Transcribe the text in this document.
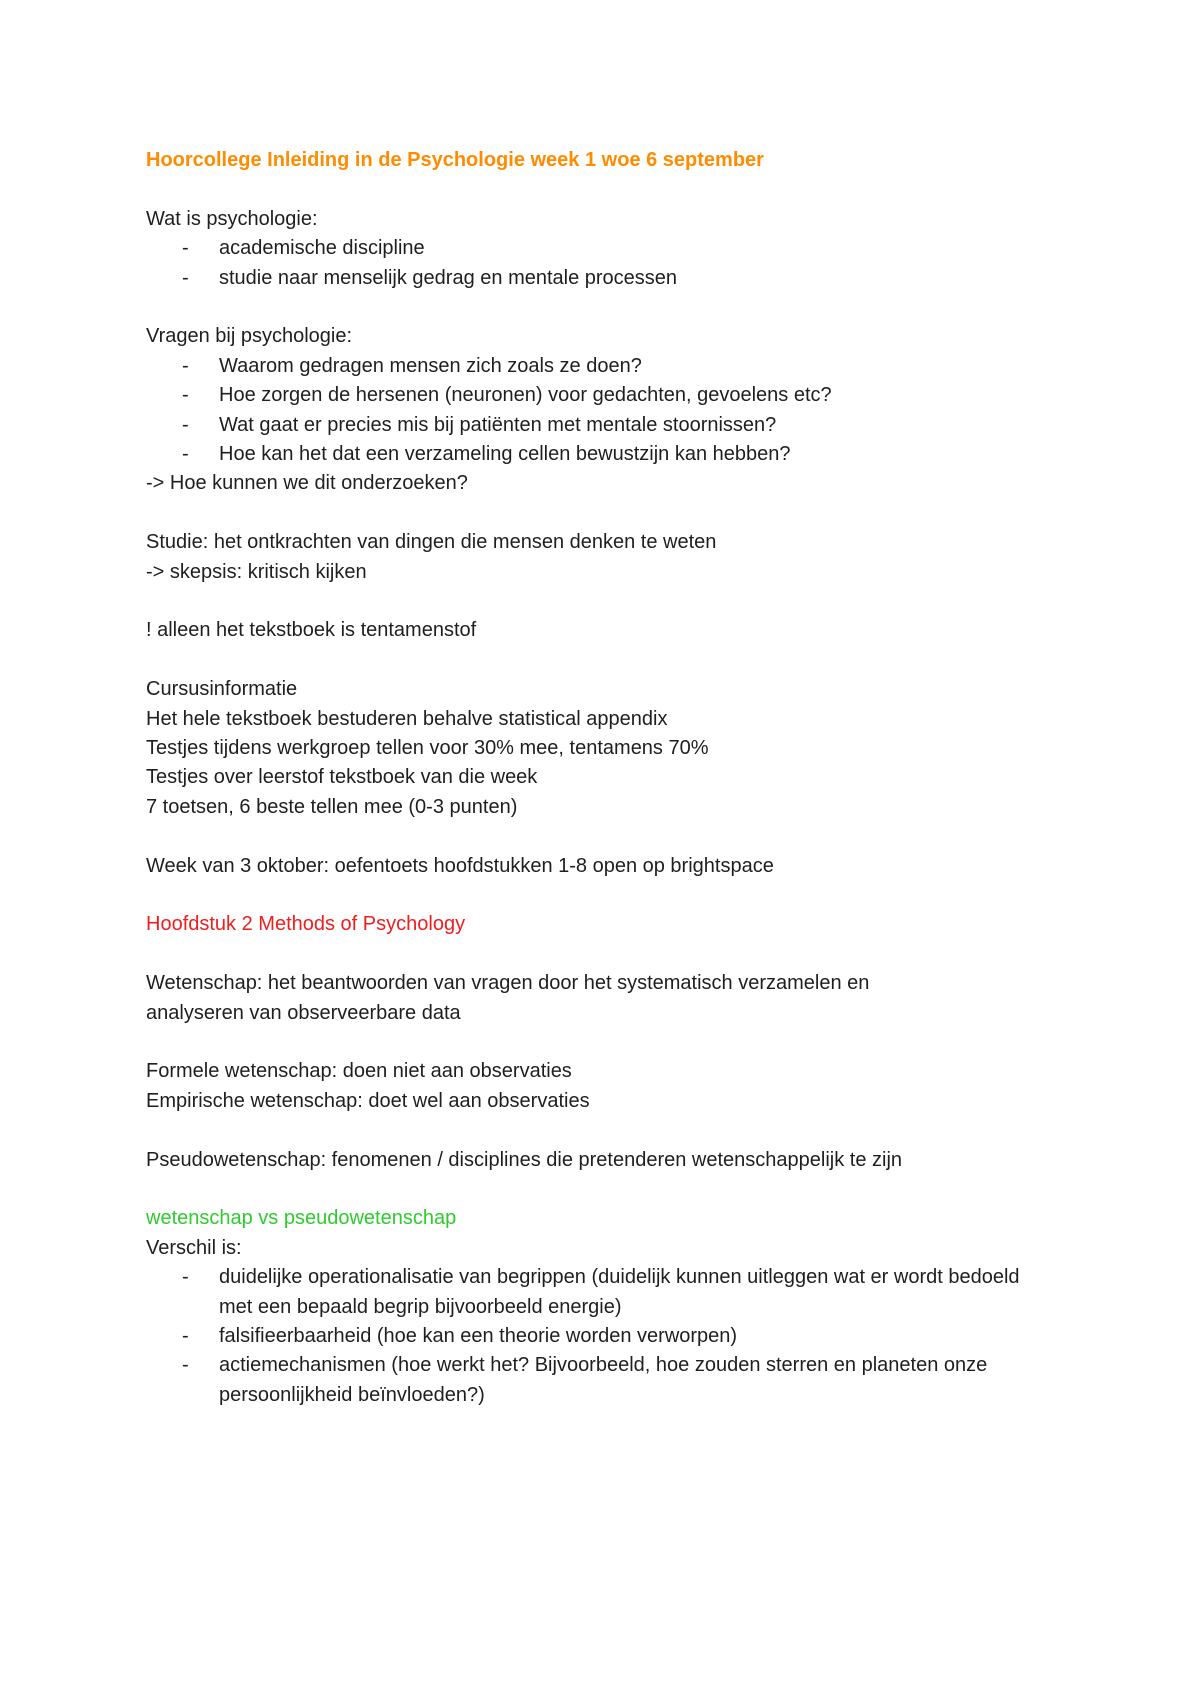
Hoorcollege Inleiding in de Psychologie week 1 woe 6 september

Wat is psychologie:

- academische discipline
- studie naar menselijk gedrag en mentale processen

Vragen bij psychologie:

- Waarom gedragen mensen zich zoals ze doen?
- Hoe zorgen de hersenen (neuronen) voor gedachten, gevoelens etc?
- Wat gaat er precies mis bij patiënten met mentale stoornissen?
- Hoe kan het dat een verzameling cellen bewustzijn kan hebben?

-> Hoe kunnen we dit onderzoeken?

Studie: het ontkrachten van dingen die mensen denken te weten

-> skepsis: kritisch kijken

! alleen het tekstboek is tentamenstof

Cursusinformatie

Het hele tekstboek bestuderen behalve statistical appendix

Testjes tijdens werkgroep tellen voor 30% mee, tentamens 70%

Testjes over leerstof tekstboek van die week

7 toetsen, 6 beste tellen mee (0-3 punten)

Week van 3 oktober: oefentoets hoofdstukken 1-8 open op brightspace

Hoofdstuk 2 Methods of Psychology

Wetenschap: het beantwoorden van vragen door het systematisch verzamelen en analyseren van observeerbare data

Formele wetenschap: doen niet aan observaties

Empirische wetenschap: doet wel aan observaties

Pseudowetenschap: fenomenen / disciplines die pretenderen wetenschappelijk te zijn

wetenschap vs pseudowetenschap

Verschil is:

- duidelijke operationalisatie van begrippen (duidelijk kunnen uitleggen wat er wordt bedoeld met een bepaald begrip bijvoorbeeld energie)
- falsifieerbaarheid (hoe kan een theorie worden verworpen)
- actiemechanismen (hoe werkt het? Bijvoorbeeld, hoe zouden sterren en planeten onze persoonlijkheid beïnvloeden?)
